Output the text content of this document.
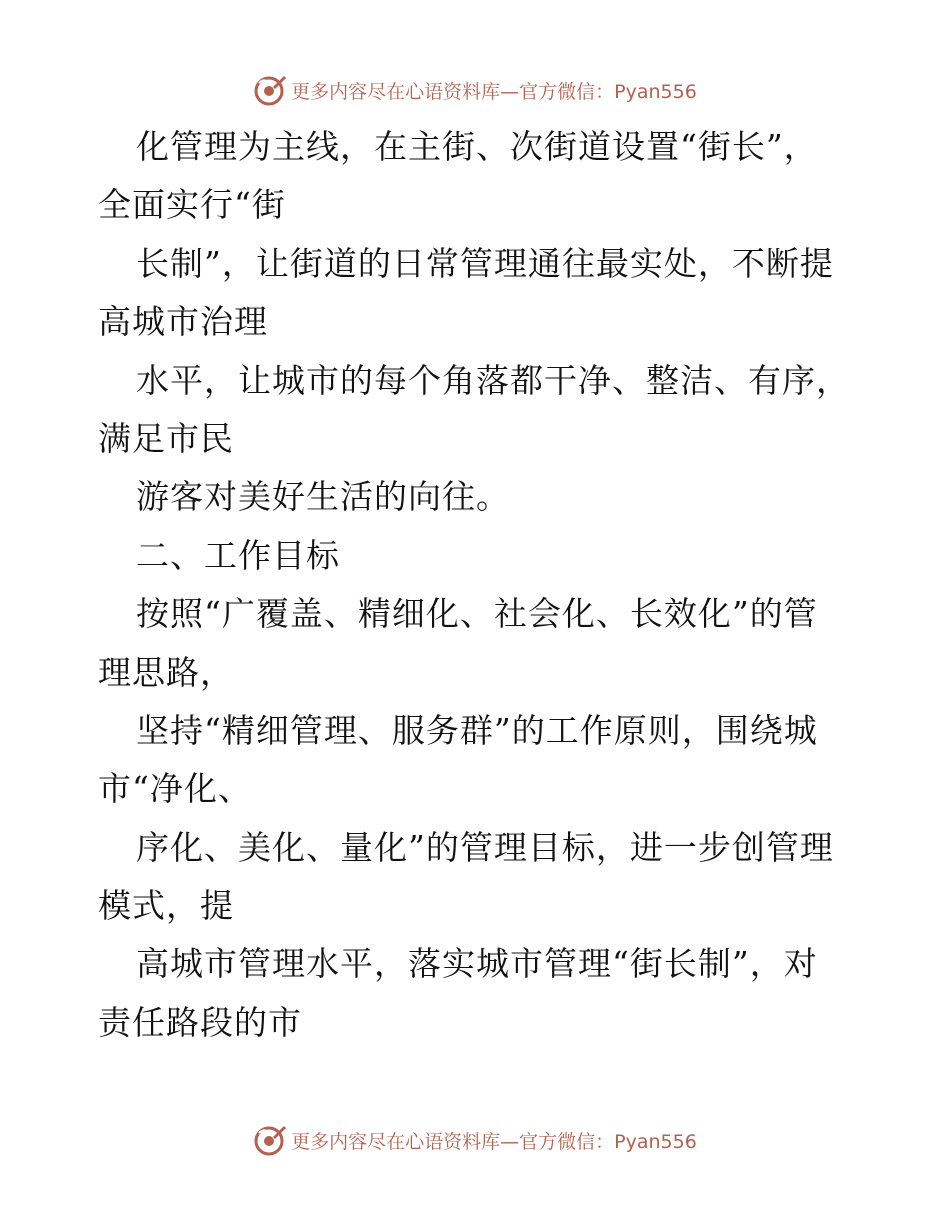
更多内容尽在心语资料库—官方微信：Pyan556
化管理为主线，在主街、次街道设置“街长”，
全面实行“街
长制”，让街道的日常管理通往最实处，不断提
高城市治理
水平，让城市的每个角落都干净、整洁、有序，
满足市民
游客对美好生活的向往。
二、工作目标
按照“广覆盖、精细化、社会化、长效化”的管
理思路，
坚持“精细管理、服务群”的工作原则，围绕城
市“净化、
序化、美化、量化”的管理目标，进一步创管理
模式，提
高城市管理水平，落实城市管理“街长制”，对
责任路段的市
更多内容尽在心语资料库—官方微信：Pyan556
